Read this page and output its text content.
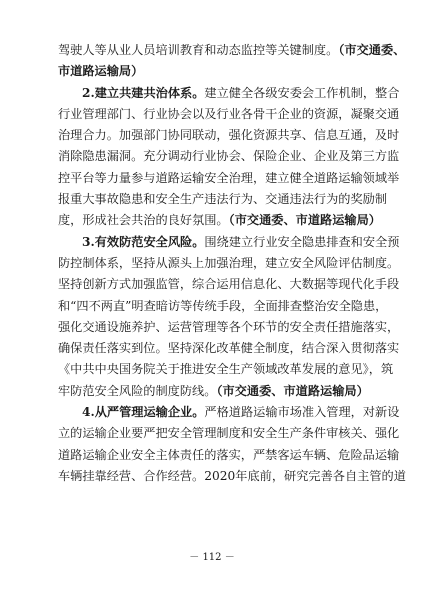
驾驶人等从业人员培训教育和动态监控等关键制度。（市交通委、
市道路运输局）
2.建立共建共治体系。建立健全各级安委会工作机制，整合
行业管理部门、行业协会以及行业各骨干企业的资源，凝聚交通
治理合力。加强部门协同联动，强化资源共享、信息互通，及时
消除隐患漏洞。充分调动行业协会、保险企业、企业及第三方监
控平台等力量参与道路运输安全治理，建立健全道路运输领域举
报重大事故隐患和安全生产违法行为、交通违法行为的奖励制
度，形成社会共治的良好氛围。（市交通委、市道路运输局）
3.有效防范安全风险。围绕建立行业安全隐患排查和安全预
防控制体系，坚持从源头上加强治理，建立安全风险评估制度。
坚持创新方式加强监管，综合运用信息化、大数据等现代化手段
和“四不两直”明查暗访等传统手段，全面排查整治安全隐患，
强化交通设施养护、运营管理等各个环节的安全责任措施落实，
确保责任落实到位。坚持深化改革健全制度，结合深入贯彻落实
《中共中央国务院关于推进安全生产领域改革发展的意见》，筑
牢防范安全风险的制度防线。（市交通委、市道路运输局）
4.从严管理运输企业。严格道路运输市场准入管理，对新设
立的运输企业要严把安全管理制度和安全生产条件审核关、强化
道路运输企业安全主体责任的落实，严禁客运车辆、危险品运输
车辆挂靠经营、合作经营。2020年底前，研究完善各自主管的道
－ 112 －
